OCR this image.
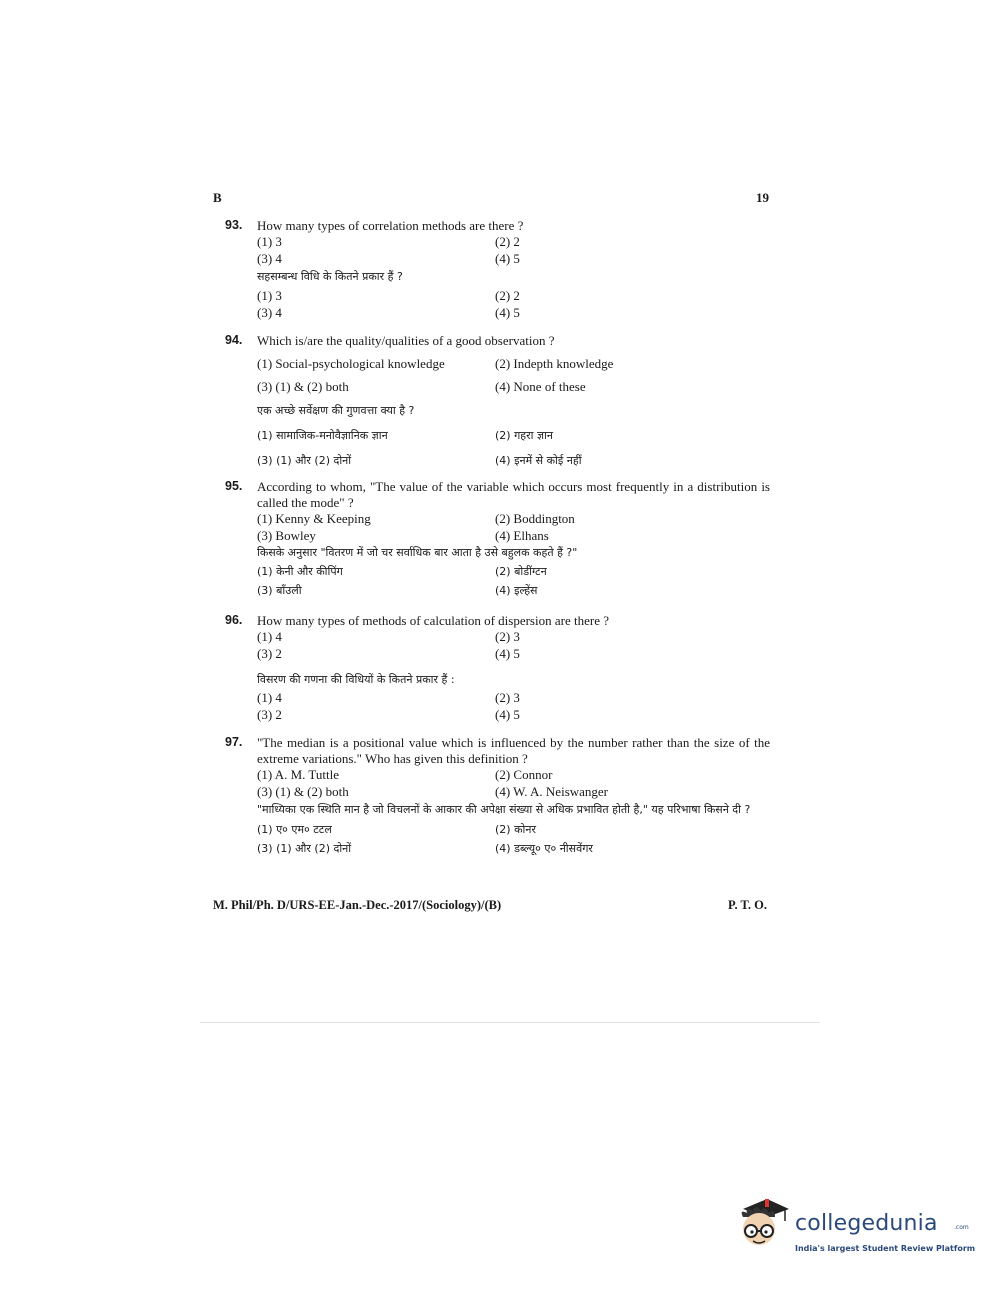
B	19
93. How many types of correlation methods are there ?
(1) 3	(2) 2
(3) 4	(4) 5
सहसम्बन्ध विधि के कितने प्रकार हैं ?
(1) 3	(2) 2
(3) 4	(4) 5
94. Which is/are the quality/qualities of a good observation ?
(1) Social-psychological knowledge	(2) Indepth knowledge
(3) (1) & (2) both	(4) None of these
एक अच्छे सर्वेक्षण की गुणवत्ता क्या है ?
(1) सामाजिक-मनोवैज्ञानिक ज्ञान	(2) गहरा ज्ञान
(3) (1) और (2) दोनों	(4) इनमें से कोई नहीं
95. According to whom, "The value of the variable which occurs most frequently in a distribution is called the mode" ?
(1) Kenny & Keeping	(2) Boddington
(3) Bowley	(4) Elhans
किसके अनुसार "वितरण में जो चर सर्वाधिक बार आता है उसे बहुलक कहते हैं ?"
(1) केनी और कीपिंग	(2) बोडींग्टन
(3) बाँउली	(4) इल्हेंस
96. How many types of methods of calculation of dispersion are there ?
(1) 4	(2) 3
(3) 2	(4) 5
विसरण की गणना की विधियों के कितने प्रकार हैं :
(1) 4	(2) 3
(3) 2	(4) 5
97. "The median is a positional value which is influenced by the number rather than the size of the extreme variations." Who has given this definition ?
(1) A. M. Tuttle	(2) Connor
(3) (1) & (2) both	(4) W. A. Neiswanger
"माध्यिका एक स्थिति मान है जो विचलनों के आकार की अपेक्षा संख्या से अधिक प्रभावित होती है," यह परिभाषा किसने दी ?
(1) ए० एम० टटल	(2) कोनर
(3) (1) और (2) दोनों	(4) डब्ल्यू० ए० नीसवेंगर
M. Phil/Ph. D/URS-EE-Jan.-Dec.-2017/(Sociology)/(B)	P. T. O.
collegedunia	.com
India's largest Student Review Platform
